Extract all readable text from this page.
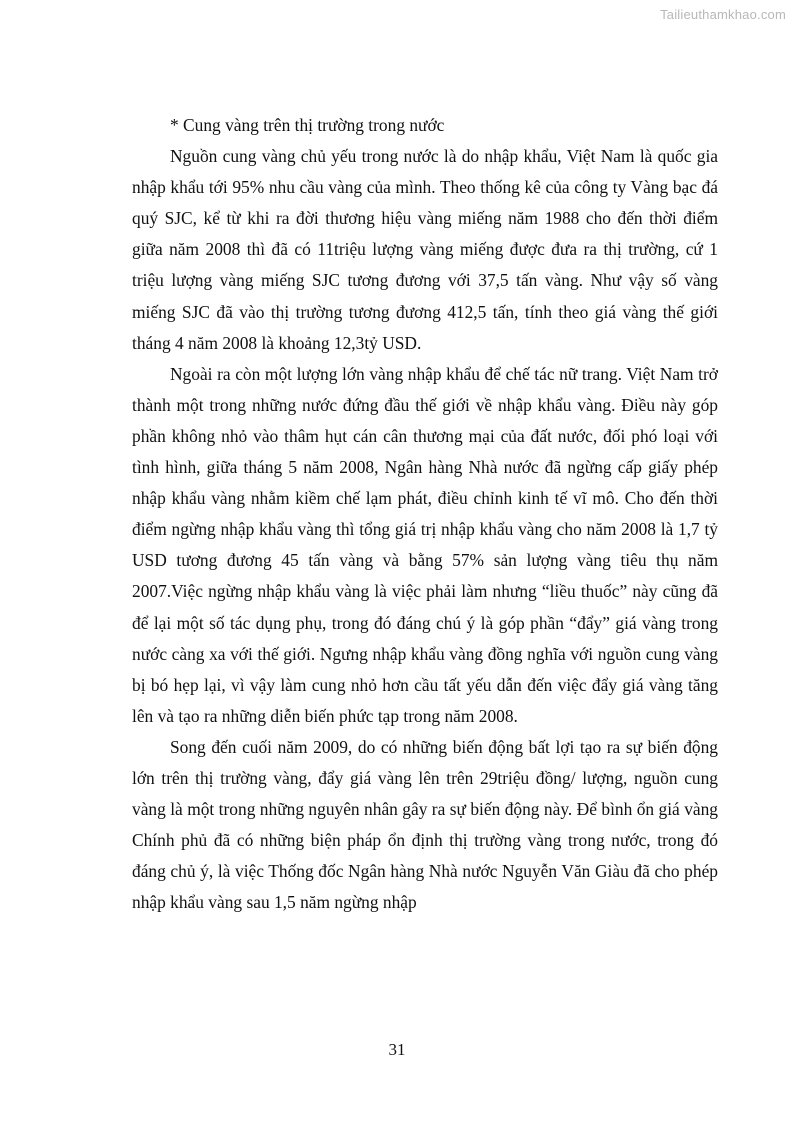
Tailieuthamkhao.com

* Cung vàng trên thị trường trong nước

Nguồn cung vàng chủ yếu trong nước là do nhập khẩu, Việt Nam là quốc gia nhập khẩu tới 95% nhu cầu vàng của mình. Theo thống kê của công ty Vàng bạc đá quý SJC, kể từ khi ra đời thương hiệu vàng miếng năm 1988 cho đến thời điểm giữa năm 2008 thì đã có 11triệu lượng vàng miếng được đưa ra thị trường, cứ 1 triệu lượng vàng miếng SJC tương đương với 37,5 tấn vàng. Như vậy số vàng miếng SJC đã vào thị trường tương đương 412,5 tấn, tính theo giá vàng thế giới tháng 4 năm 2008 là khoảng 12,3tỷ USD.

Ngoài ra còn một lượng lớn vàng nhập khẩu để chế tác nữ trang. Việt Nam trở thành một trong những nước đứng đầu thế giới về nhập khẩu vàng. Điều này góp phần không nhỏ vào thâm hụt cán cân thương mại của đất nước, đối phó loại với tình hình, giữa tháng 5 năm 2008, Ngân hàng Nhà nước đã ngừng cấp giấy phép nhập khẩu vàng nhằm kiềm chế lạm phát, điều chỉnh kinh tế vĩ mô. Cho đến thời điểm ngừng nhập khẩu vàng thì tổng giá trị nhập khẩu vàng cho năm 2008 là 1,7 tỷ USD tương đương 45 tấn vàng và bằng 57% sản lượng vàng tiêu thụ năm 2007.Việc ngừng nhập khẩu vàng là việc phải làm nhưng “liều thuốc” này cũng đã để lại một số tác dụng phụ, trong đó đáng chú ý là góp phần “đẩy” giá vàng trong nước càng xa với thế giới. Ngưng nhập khẩu vàng đồng nghĩa với nguồn cung vàng bị bó hẹp lại, vì vậy làm cung nhỏ hơn cầu tất yếu dẫn đến việc đẩy giá vàng tăng lên và tạo ra những diễn biến phức tạp trong năm 2008.

Song đến cuối năm 2009, do có những biến động bất lợi tạo ra sự biến động lớn trên thị trường vàng, đẩy giá vàng lên trên 29triệu đồng/ lượng, nguồn cung vàng là một trong những nguyên nhân gây ra sự biến động này. Để bình ổn giá vàng Chính phủ đã có những biện pháp ổn định thị trường vàng trong nước, trong đó đáng chủ ý, là việc Thống đốc Ngân hàng Nhà nước Nguyễn Văn Giàu đã cho phép nhập khẩu vàng sau 1,5 năm ngừng nhập

31
